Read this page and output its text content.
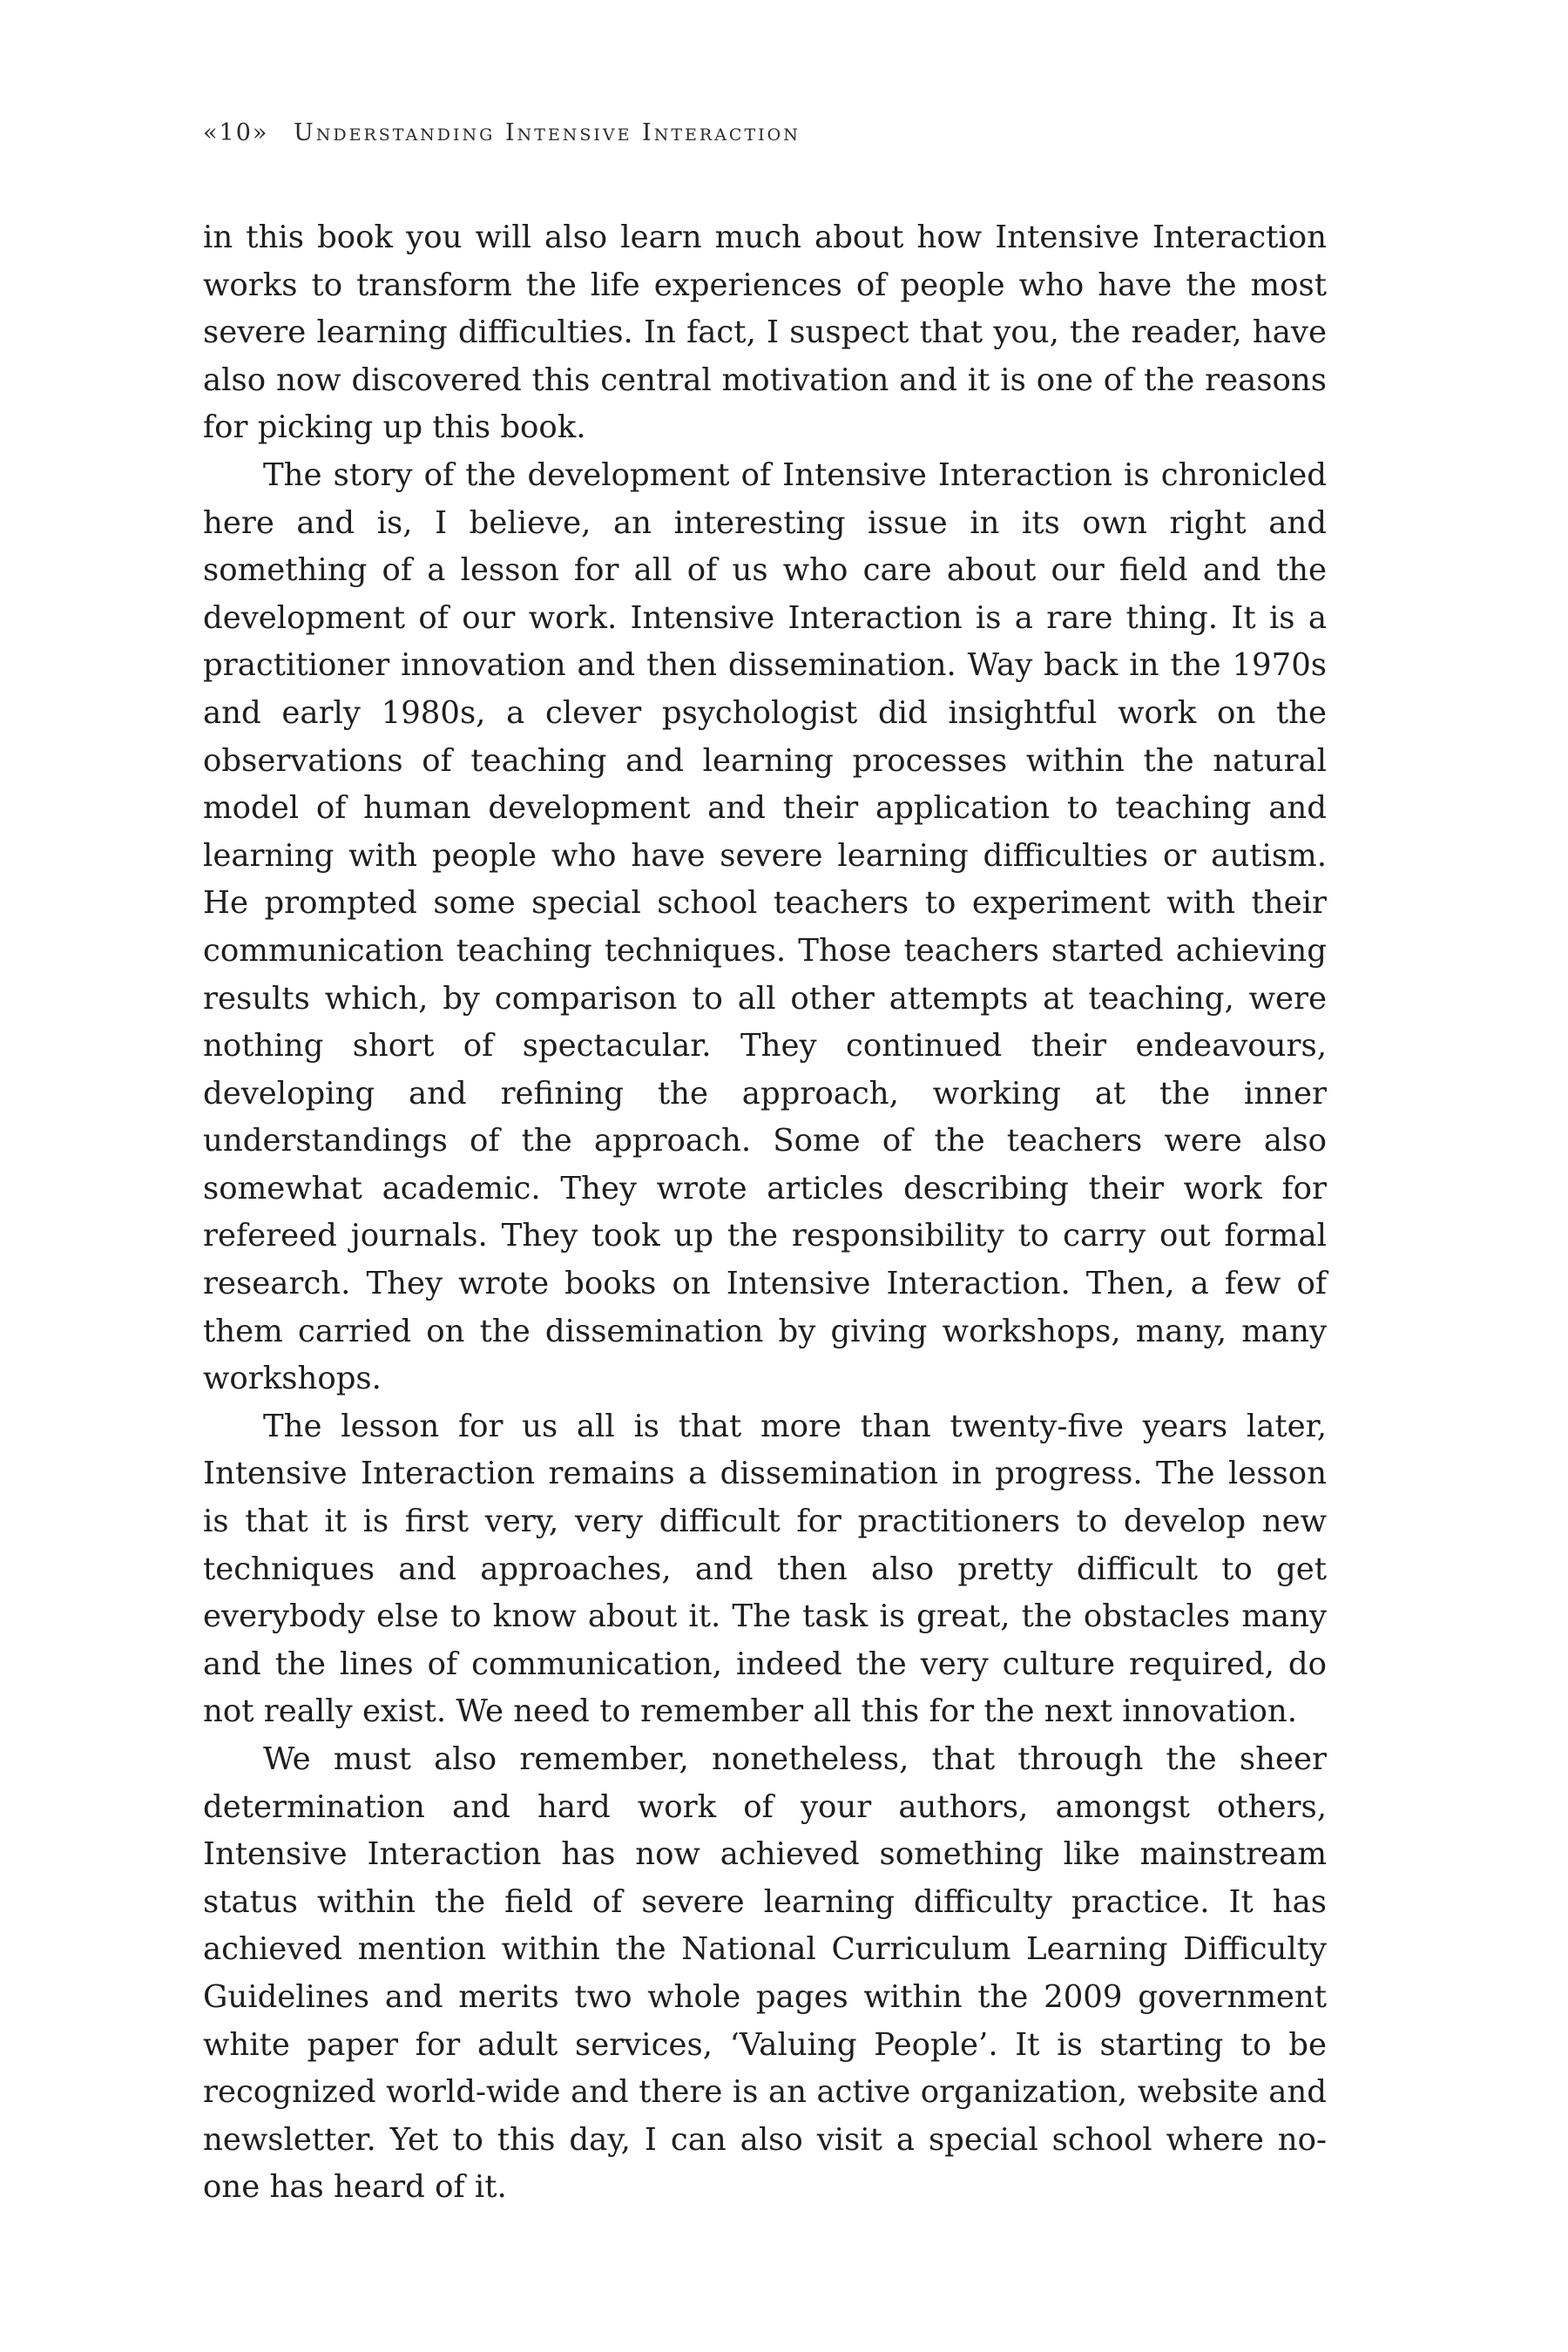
«10» Understanding Intensive Interaction

in this book you will also learn much about how Intensive Interaction works to transform the life experiences of people who have the most severe learning difficulties. In fact, I suspect that you, the reader, have also now discovered this central motivation and it is one of the reasons for picking up this book.

The story of the development of Intensive Interaction is chronicled here and is, I believe, an interesting issue in its own right and something of a lesson for all of us who care about our field and the development of our work. Intensive Interaction is a rare thing. It is a practitioner innovation and then dissemination. Way back in the 1970s and early 1980s, a clever psychologist did insightful work on the observations of teaching and learning processes within the natural model of human development and their application to teaching and learning with people who have severe learning difficulties or autism. He prompted some special school teachers to experiment with their communication teaching techniques. Those teachers started achieving results which, by comparison to all other attempts at teaching, were nothing short of spectacular. They continued their endeavours, developing and refining the approach, working at the inner understandings of the approach. Some of the teachers were also somewhat academic. They wrote articles describing their work for refereed journals. They took up the responsibility to carry out formal research. They wrote books on Intensive Interaction. Then, a few of them carried on the dissemination by giving workshops, many, many workshops.

The lesson for us all is that more than twenty-five years later, Intensive Interaction remains a dissemination in progress. The lesson is that it is first very, very difficult for practitioners to develop new techniques and approaches, and then also pretty difficult to get everybody else to know about it. The task is great, the obstacles many and the lines of communication, indeed the very culture required, do not really exist. We need to remember all this for the next innovation.

We must also remember, nonetheless, that through the sheer determination and hard work of your authors, amongst others, Intensive Interaction has now achieved something like mainstream status within the field of severe learning difficulty practice. It has achieved mention within the National Curriculum Learning Difficulty Guidelines and merits two whole pages within the 2009 government white paper for adult services, ‘Valuing People’. It is starting to be recognized world-wide and there is an active organization, website and newsletter. Yet to this day, I can also visit a special school where no-one has heard of it.
